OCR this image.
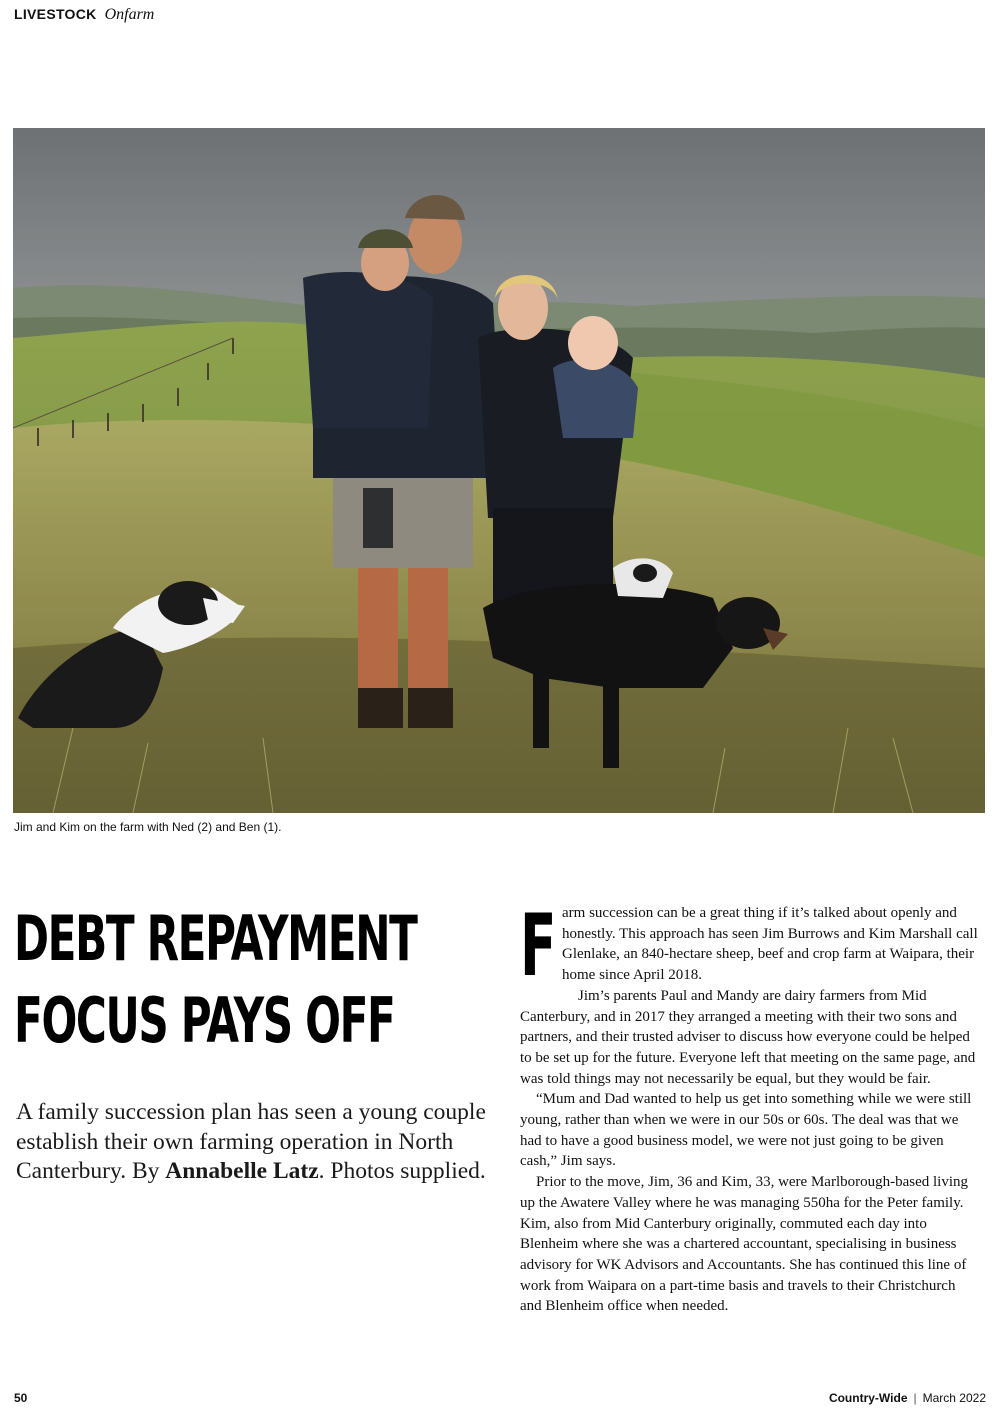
LIVESTOCK Onfarm
Jim and Kim on the farm with Ned (2) and Ben (1).
DEBT REPAYMENT
FOCUS PAYS OFF
A family succession plan has seen a young couple establish their own farming operation in North Canterbury. By Annabelle Latz. Photos supplied.

Farm succession can be a great thing if it’s talked about openly and honestly. This approach has seen Jim Burrows and Kim Marshall call Glenlake, an 840-hectare sheep, beef and crop farm at Waipara, their home since April 2018.

Jim’s parents Paul and Mandy are dairy farmers from Mid Canterbury, and in 2017 they arranged a meeting with their two sons and partners, and their trusted adviser to discuss how everyone could be helped to be set up for the future. Everyone left that meeting on the same page, and was told things may not necessarily be equal, but they would be fair.

“Mum and Dad wanted to help us get into something while we were still young, rather than when we were in our 50s or 60s. The deal was that we had to have a good business model, we were not just going to be given cash,” Jim says.

Prior to the move, Jim, 36 and Kim, 33, were Marlborough-based living up the Awatere Valley where he was managing 550ha for the Peter family. Kim, also from Mid Canterbury originally, commuted each day into Blenheim where she was a chartered accountant, specialising in business advisory for WK Advisors and Accountants. She has continued this line of work from Waipara on a part-time basis and travels to their Christchurch and Blenheim office when needed.

50	Country-Wide | March 2022
